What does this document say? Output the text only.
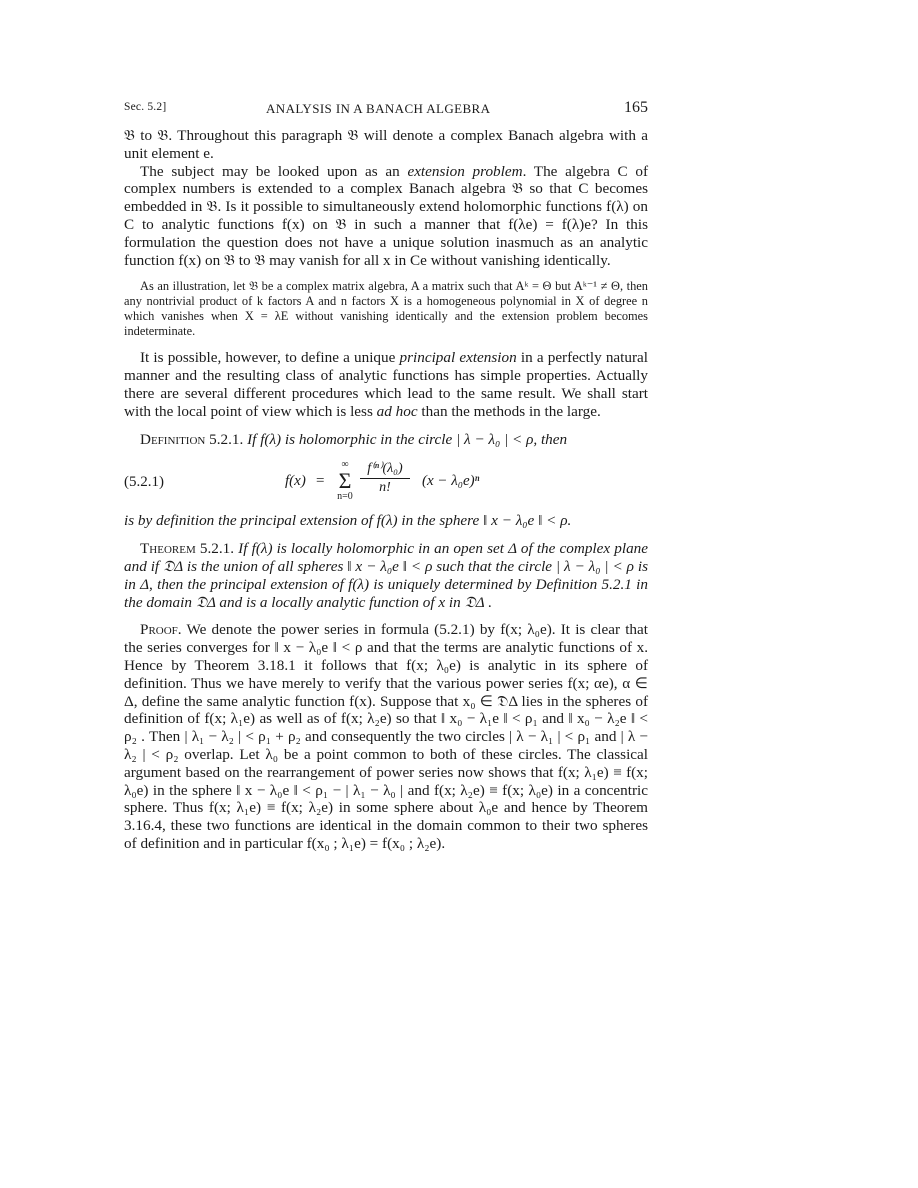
Sec. 5.2]	ANALYSIS IN A BANACH ALGEBRA	165

𝔅 to 𝔅. Throughout this paragraph 𝔅 will denote a complex Banach algebra with a unit element e.

The subject may be looked upon as an extension problem. The algebra C of complex numbers is extended to a complex Banach algebra 𝔅 so that C becomes embedded in 𝔅. Is it possible to simultaneously extend holomorphic functions f(λ) on C to analytic functions f(x) on 𝔅 in such a manner that f(λe) = f(λ)e? In this formulation the question does not have a unique solution inasmuch as an analytic function f(x) on 𝔅 to 𝔅 may vanish for all x in Ce without vanishing identically.

As an illustration, let 𝔅 be a complex matrix algebra, A a matrix such that Aᵏ = Θ but Aᵏ⁻¹ ≠ Θ, then any nontrivial product of k factors A and n factors X is a homogeneous polynomial in X of degree n which vanishes when X = λE without vanishing identically and the extension problem becomes indeterminate.

It is possible, however, to define a unique principal extension in a perfectly natural manner and the resulting class of analytic functions has simple properties. Actually there are several different procedures which lead to the same result. We shall start with the local point of view which is less ad hoc than the methods in the large.

Definition 5.2.1. If f(λ) is holomorphic in the circle | λ − λ₀ | < ρ, then

(5.2.1)	f(x) =
∞
Σ
n=0
$\frac{\text{f⁽ⁿ⁾(λ₀)}}{n!} (x - \lambda_0e)^n$

is by definition the principal extension of f(λ) in the sphere ‖ x − λ₀e ‖ < ρ.

Theorem 5.2.1. If f(λ) is locally holomorphic in an open set Δ of the complex plane and if 𝔇Δ is the union of all spheres ‖ x − λ₀e ‖ < ρ such that the circle | λ − λ₀ | < ρ is in Δ, then the principal extension of f(λ) is uniquely determined by Definition 5.2.1 in the domain 𝔇Δ and is a locally analytic function of x in 𝔇Δ .

Proof. We denote the power series in formula (5.2.1) by f(x; λ₀e). It is clear that the series converges for ‖ x − λ₀e ‖ < ρ and that the terms are analytic functions of x. Hence by Theorem 3.18.1 it follows that f(x; λ₀e) is analytic in its sphere of definition. Thus we have merely to verify that the various power series f(x; αe), α ∈ Δ, define the same analytic function f(x). Suppose that x₀ ∈ 𝔇Δ lies in the spheres of definition of f(x; λ₁e) as well as of f(x; λ₂e) so that ‖ x₀ − λ₁e ‖ < ρ₁ and ‖ x₀ − λ₂e ‖ < ρ₂ . Then | λ₁ − λ₂ | < ρ₁ + ρ₂ and consequently the two circles | λ − λ₁ | < ρ₁ and | λ − λ₂ | < ρ₂ overlap. Let λ₀ be a point common to both of these circles. The classical argument based on the rearrangement of power series now shows that f(x; λ₁e) ≡ f(x; λ₀e) in the sphere ‖ x − λ₀e ‖ < ρ₁ − | λ₁ − λ₀ | and f(x; λ₂e) ≡ f(x; λ₀e) in a concentric sphere. Thus f(x; λ₁e) ≡ f(x; λ₂e) in some sphere about λ₀e and hence by Theorem 3.16.4, these two functions are identical in the domain common to their two spheres of definition and in particular f(x₀ ; λ₁e) = f(x₀ ; λ₂e).
